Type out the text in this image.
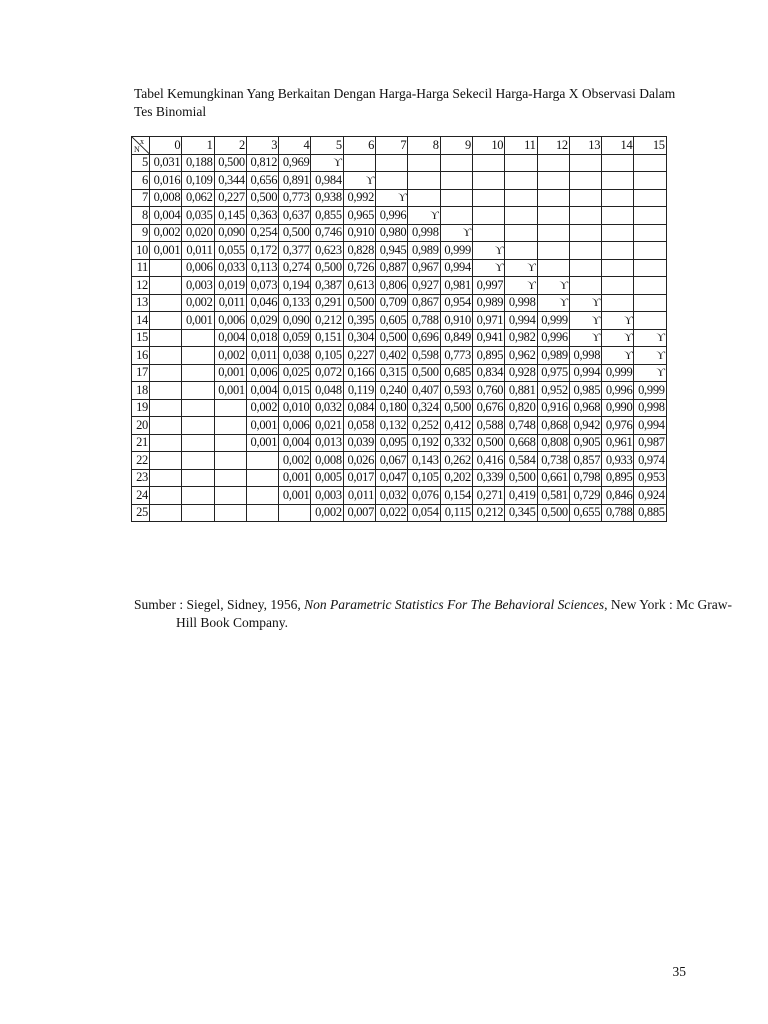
Tabel Kemungkinan Yang Berkaitan Dengan Harga-Harga Sekecil Harga-Harga X Observasi Dalam Tes Binomial
N
x	0	1	2	3	4	5	6	7	8	9	10	11	12	13	14	15
5	0,031	0,188	0,500	0,812	0,969	ϒ										
6	0,016	0,109	0,344	0,656	0,891	0,984	ϒ									
7	0,008	0,062	0,227	0,500	0,773	0,938	0,992	ϒ								
8	0,004	0,035	0,145	0,363	0,637	0,855	0,965	0,996	ϒ							
9	0,002	0,020	0,090	0,254	0,500	0,746	0,910	0,980	0,998	ϒ						
10	0,001	0,011	0,055	0,172	0,377	0,623	0,828	0,945	0,989	0,999	ϒ					
11		0,006	0,033	0,113	0,274	0,500	0,726	0,887	0,967	0,994	ϒ	ϒ				
12		0,003	0,019	0,073	0,194	0,387	0,613	0,806	0,927	0,981	0,997	ϒ	ϒ			
13		0,002	0,011	0,046	0,133	0,291	0,500	0,709	0,867	0,954	0,989	0,998	ϒ	ϒ		
14		0,001	0,006	0,029	0,090	0,212	0,395	0,605	0,788	0,910	0,971	0,994	0,999	ϒ	ϒ	
15			0,004	0,018	0,059	0,151	0,304	0,500	0,696	0,849	0,941	0,982	0,996	ϒ	ϒ	ϒ
16			0,002	0,011	0,038	0,105	0,227	0,402	0,598	0,773	0,895	0,962	0,989	0,998	ϒ	ϒ
17			0,001	0,006	0,025	0,072	0,166	0,315	0,500	0,685	0,834	0,928	0,975	0,994	0,999	ϒ
18			0,001	0,004	0,015	0,048	0,119	0,240	0,407	0,593	0,760	0,881	0,952	0,985	0,996	0,999
19				0,002	0,010	0,032	0,084	0,180	0,324	0,500	0,676	0,820	0,916	0,968	0,990	0,998
20				0,001	0,006	0,021	0,058	0,132	0,252	0,412	0,588	0,748	0,868	0,942	0,976	0,994
21				0,001	0,004	0,013	0,039	0,095	0,192	0,332	0,500	0,668	0,808	0,905	0,961	0,987
22					0,002	0,008	0,026	0,067	0,143	0,262	0,416	0,584	0,738	0,857	0,933	0,974
23					0,001	0,005	0,017	0,047	0,105	0,202	0,339	0,500	0,661	0,798	0,895	0,953
24					0,001	0,003	0,011	0,032	0,076	0,154	0,271	0,419	0,581	0,729	0,846	0,924
25						0,002	0,007	0,022	0,054	0,115	0,212	0,345	0,500	0,655	0,788	0,885
Sumber : Siegel, Sidney, 1956, Non Parametric Statistics For The Behavioral Sciences, New York : Mc Graw-Hill Book Company.
35
